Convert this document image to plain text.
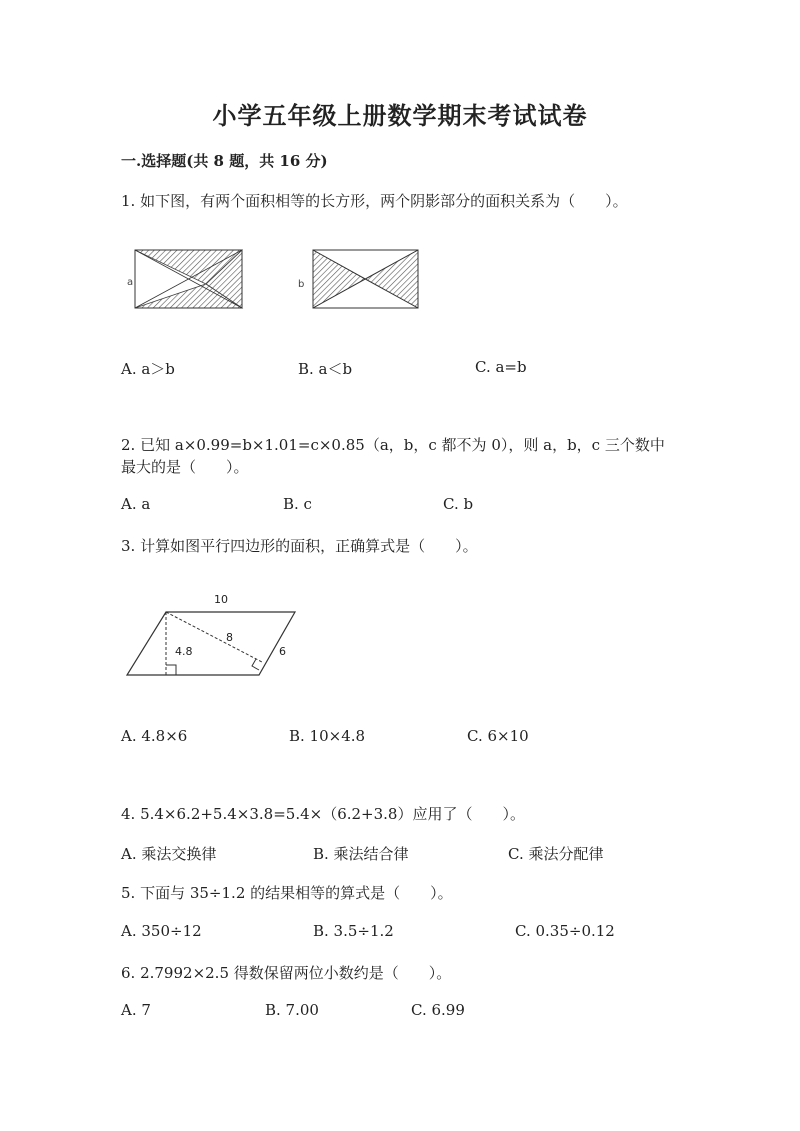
小学五年级上册数学期末考试试卷
一.选择题(共 8 题，共 16 分)
1. 如下图，有两个面积相等的长方形，两个阴影部分的面积关系为（　　）。
a	b
A. a＞b	B. a＜b	C. a=b
2. 已知 a×0.99=b×1.01=c×0.85（a，b，c 都不为 0），则 a，b，c 三个数中
最大的是（　　）。
A. a	B. c	C. b
3. 计算如图平行四边形的面积，正确算式是（　　）。
10
8
4.8	6
A. 4.8×6	B. 10×4.8	C. 6×10
4. 5.4×6.2+5.4×3.8=5.4×（6.2+3.8）应用了（　　）。
A. 乘法交换律	B. 乘法结合律	C. 乘法分配律
5. 下面与 35÷1.2 的结果相等的算式是（　　）。
A. 350÷12	B. 3.5÷1.2	C. 0.35÷0.12
6. 2.7992×2.5 得数保留两位小数约是（　　）。
A. 7	B. 7.00	C. 6.99
